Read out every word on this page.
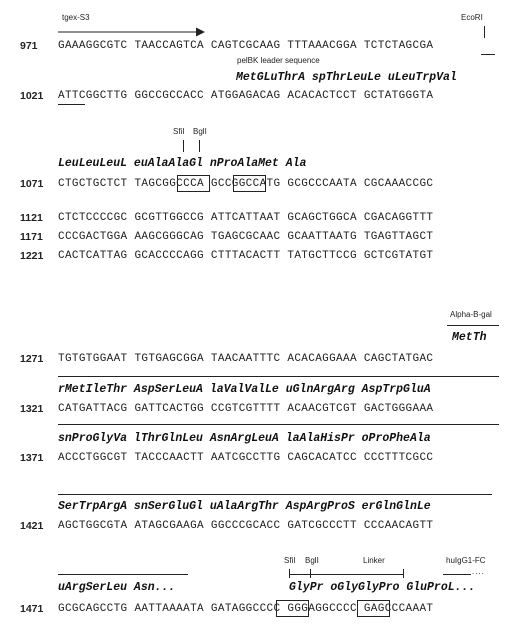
tgex-S3	EcoRI
971 GAAAGGCGTC TAACCAGTCA CAGTCGCAAG TTTAAACGGA TCTCTAGCGA
pelBK leader sequence
MetGLuThrA spThrLeuLe uLeuTrpVal
1021 ATTCGGCTTG GGCCGCCACC ATGGAGACAG ACACACTCCT GCTATGGGTA
SfiI BglI
LeuLeuLeuL euAlaAlaGl nProAlaMet Ala
1071 CTGCTGCTCT TAGCGGCCCA GCCGGCCATG GCGCCCAATA CGCAAACCGC
1121 CTCTCCCCGC GCGTTGGCCG ATTCATTAAT GCAGCTGGCA CGACAGGTTT
1171 CCCGACTGGA AAGCGGGCAG TGAGCGCAAC GCAATTAATG TGAGTTAGCT
1221 CACTCATTAG GCACCCCAGG CTTTACACTT TATGCTTCCG GCTCGTATGT
Alpha-B-gal
MetTh
1271 TGTGTGGAAT TGTGAGCGGA TAACAATTTC ACACAGGAAA CAGCTATGAC
rMetIleThr AspSerLeuA laValValLe uGlnArgArg AspTrpGluA
1321 CATGATTACG GATTCACTGG CCGTCGTTTT ACAACGTCGT GACTGGGAAA
snProGlyVa lThrGlnLeu AsnArgLeuA laAlaHisPr oProPheAla
1371 ACCCTGGCGT TACCCAACTT AATCGCCTTG CAGCACATCC CCCTTTCGCC
SerTrpArgA snSerGluGl uAlaArgThr AspArgProS erGlnGlnLe
1421 AGCTGGCGTA ATAGCGAAGA GGCCCGCACC GATCGCCCTT CCCAACAGTT
uArgSerLeu Asn...
SfiI BglI	Linker	huIgG1-FC
....
GlyPr oGlyGlyPro GluProL...
1471 GCGCAGCCTG AATTAAAATA GATAGGCCCC GGGAGGCCCC GAGCCCAAAT
